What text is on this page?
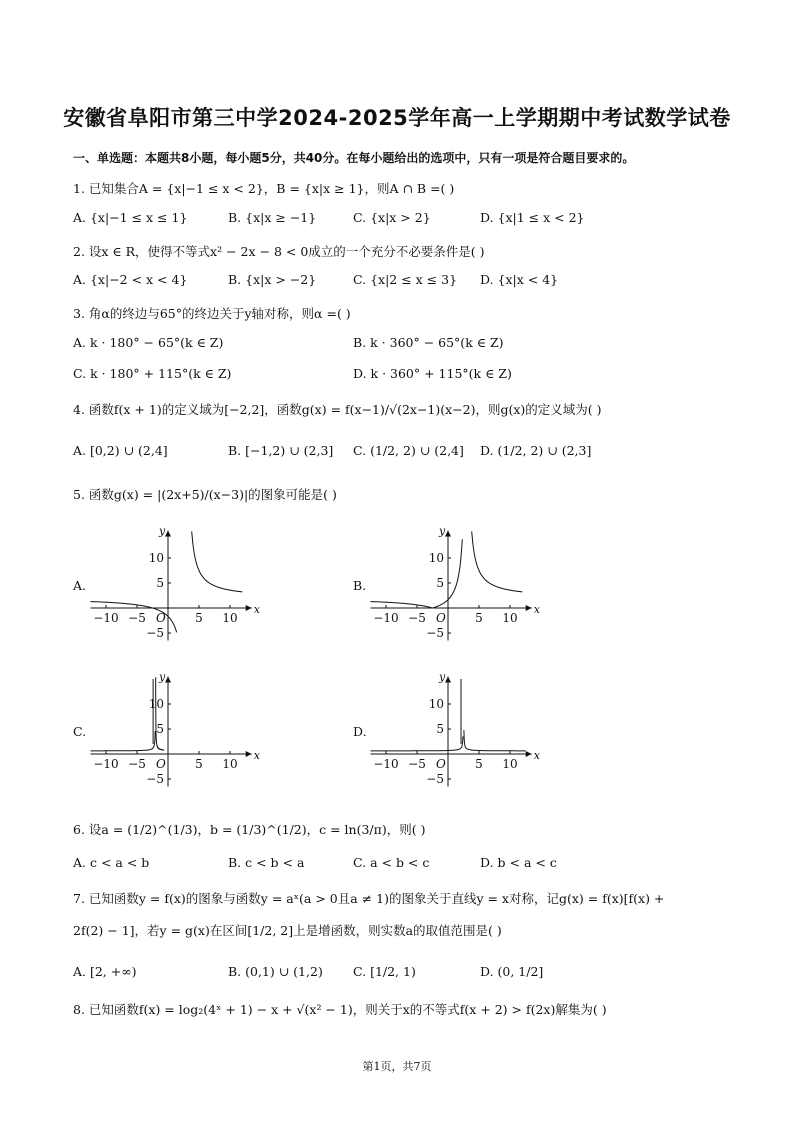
安徽省阜阳市第三中学2024-2025学年高一上学期期中考试数学试卷
一、单选题：本题共8小题，每小题5分，共40分。在每小题给出的选项中，只有一项是符合题目要求的。
1. 已知集合A = {x|−1 ≤ x < 2}，B = {x|x ≥ 1}，则A ∩ B =( )
A. {x|−1 ≤ x ≤ 1}	B. {x|x ≥ −1}	C. {x|x > 2}	D. {x|1 ≤ x < 2}
2. 设x ∈ R，使得不等式x² − 2x − 8 < 0成立的一个充分不必要条件是( )
A. {x|−2 < x < 4}	B. {x|x > −2}	C. {x|2 ≤ x ≤ 3} D. {x|x < 4}
3. 角α的终边与65°的终边关于y轴对称，则α =( )
A. k · 180° − 65°(k ∈ Z)	B. k · 360° − 65°(k ∈ Z)
C. k · 180° + 115°(k ∈ Z)	D. k · 360° + 115°(k ∈ Z)
4. 函数f(x + 1)的定义域为[−2,2]，函数g(x) = f(x−1)/√(2x−1)(x−2)，则g(x)的定义域为( )
A. [0,2) ∪ (2,4]	B. [−1,2) ∪ (2,3] C. (1/2, 2) ∪ (2,4] D. (1/2, 2) ∪ (2,3]
5. 函数g(x) = |(2x+5)/(x−3)|的图象可能是( )
A.	B.
C.	D.
x
y
−10 −5	5 10
10
5
−5
O
x
y
−10 −5	5 10
10
5
−5
O
x
y
−10 −5	5 10
10
5
−5
O
x
y
−10 −5	5 10
10
5
−5
O
6. 设a = (1/2)^(1/3)，b = (1/3)^(1/2)，c = ln(3/π)，则( )
A. c < a < b	B. c < b < a	C. a < b < c	D. b < a < c
7. 已知函数y = f(x)的图象与函数y = aˣ(a > 0且a ≠ 1)的图象关于直线y = x对称，记g(x) = f(x)[f(x) +
2f(2) − 1]，若y = g(x)在区间[1/2, 2]上是增函数，则实数a的取值范围是( )
A. [2, +∞)	B. (0,1) ∪ (1,2) C. [1/2, 1)	D. (0, 1/2]
8. 已知函数f(x) = log₂(4ˣ + 1) − x + √(x² − 1)，则关于x的不等式f(x + 2) > f(2x)解集为( )
第1页，共7页
